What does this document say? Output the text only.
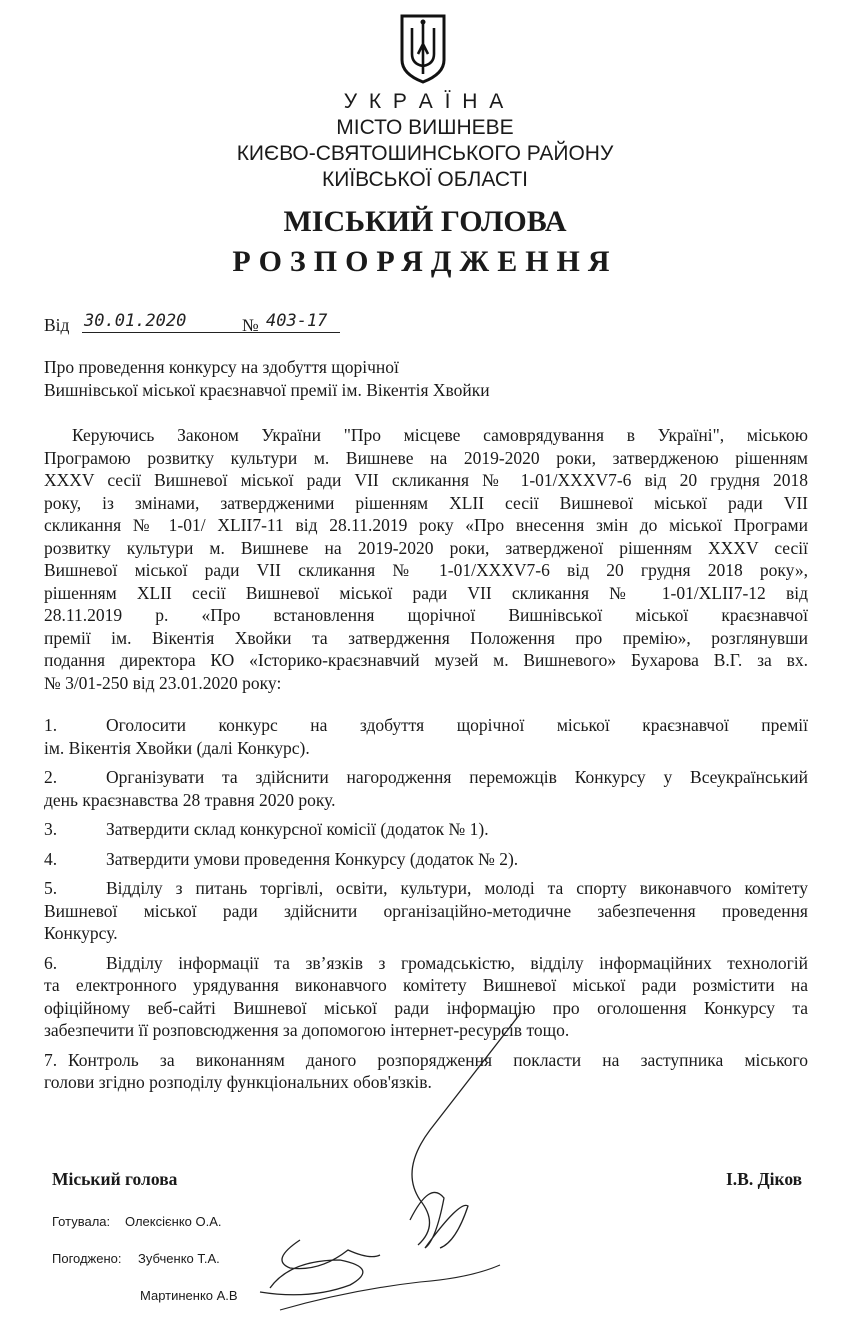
У К Р А Ї Н А
МІСТО ВИШНЕВЕ
КИЄВО-СВЯТОШИНСЬКОГО РАЙОНУ
КИЇВСЬКОЇ ОБЛАСТІ
МІСЬКИЙ ГОЛОВА
РОЗПОРЯДЖЕННЯ
Від 30.01.2020	№ 403-17
Про проведення конкурсу на здобуття щорічної
Вишнівської міської краєзнавчої премії ім. Вікентія Хвойки
Керуючись Законом України "Про місцеве самоврядування в Україні", міською
Програмою розвитку культури м. Вишневе на 2019-2020 роки, затвердженою рішенням
XXXV сесії Вишневої міської ради VII скликання № 1-01/XXXV7-6 від 20 грудня 2018
року, із змінами, затвердженими рішенням XLII сесії Вишневої міської ради VII
скликання № 1-01/ XLII7-11 від 28.11.2019 року «Про внесення змін до міської Програми
розвитку культури м. Вишневе на 2019-2020 роки, затвердженої рішенням XXXV сесії
Вишневої міської ради VII скликання № 1-01/XXXV7-6 від 20 грудня 2018 року»,
рішенням XLII сесії Вишневої міської ради VII скликання № 1-01/XLII7-12 від
28.11.2019 р. «Про встановлення щорічної Вишнівської міської краєзнавчої
премії ім. Вікентія Хвойки та затвердження Положення про премію», розглянувши
подання директора КО «Історико-краєзнавчий музей м. Вишневого» Бухарова В.Г. за вх.
№ 3/01-250 від 23.01.2020 року:
1.	Оголосити конкурс на здобуття щорічної міської краєзнавчої премії
ім. Вікентія Хвойки (далі Конкурс).
2.	Організувати та здійснити нагородження переможців Конкурсу у Всеукраїнський
день краєзнавства 28 травня 2020 року.
3.	Затвердити склад конкурсної комісії (додаток № 1).
4.	Затвердити умови проведення Конкурсу (додаток № 2).
5.	Відділу з питань торгівлі, освіти, культури, молоді та спорту виконавчого комітету
Вишневої міської ради здійснити організаційно-методичне забезпечення проведення
Конкурсу.
6.	Відділу інформації та зв’язків з громадськістю, відділу інформаційних технологій
та електронного урядування виконавчого комітету Вишневої міської ради розмістити на
офіційному веб-сайті Вишневої міської ради інформацію про оголошення Конкурсу та
забезпечити її розповсюдження за допомогою інтернет-ресурсів тощо.
7. Контроль за виконанням даного розпорядження покласти на заступника міського
голови згідно розподілу функціональних обов'язків.
Міський голова	І.В. Діков
Готувала: Олексієнко О.А.
Погоджено: Зубченко Т.А.
Мартиненко А.В
